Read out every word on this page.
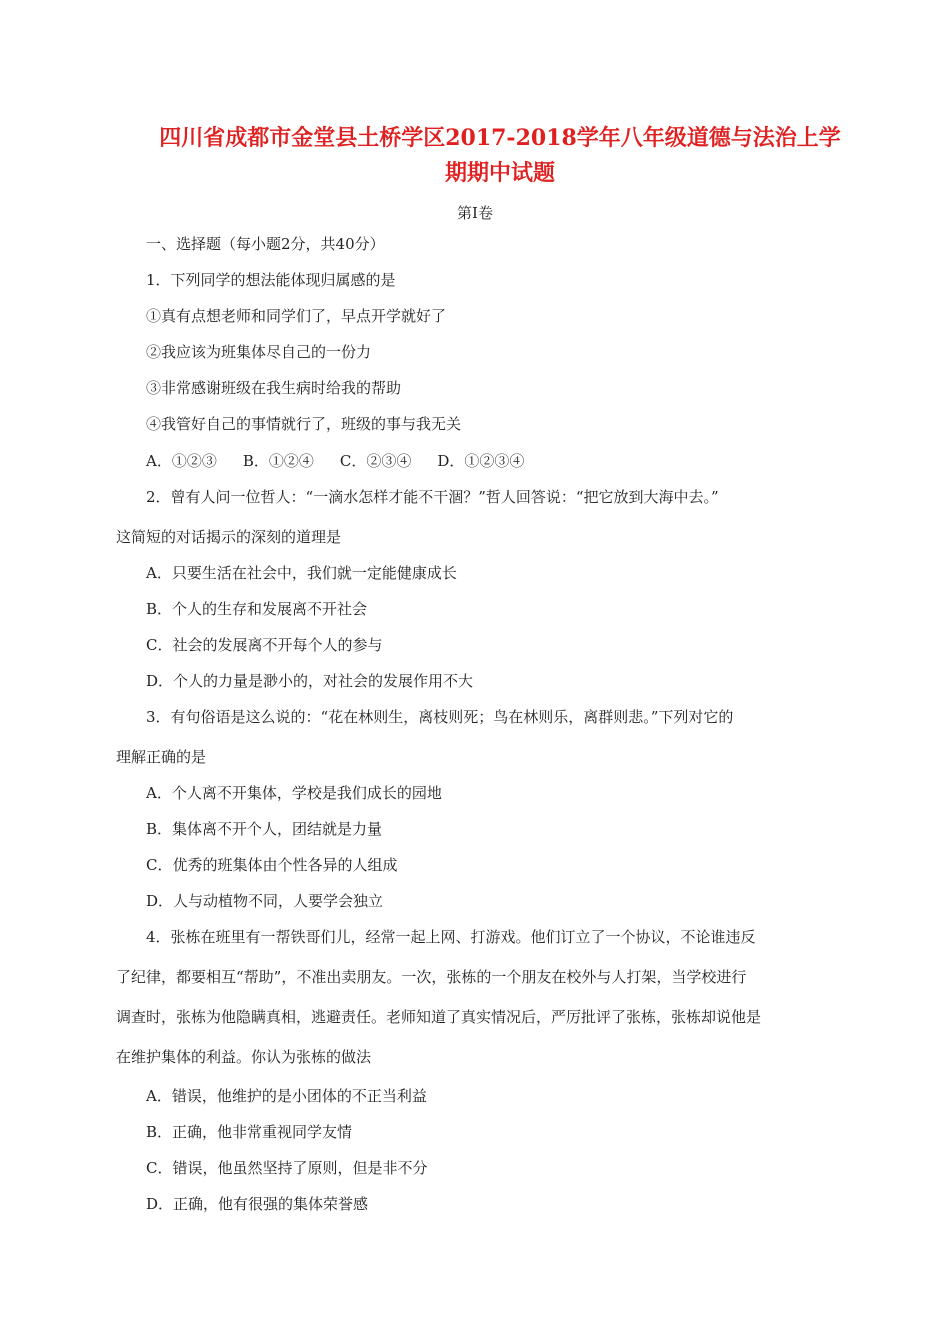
四川省成都市金堂县土桥学区2017-2018学年八年级道德与法治上学
期期中试题
第Ⅰ卷
一、选择题（每小题2分，共40分）
1．下列同学的想法能体现归属感的是
①真有点想老师和同学们了，早点开学就好了
②我应该为班集体尽自己的一份力
③非常感谢班级在我生病时给我的帮助
④我管好自己的事情就行了，班级的事与我无关
A．①②③ B．①②④ C．②③④ D．①②③④
2．曾有人问一位哲人：“一滴水怎样才能不干涸？”哲人回答说：“把它放到大海中去。”
这简短的对话揭示的深刻的道理是
A．只要生活在社会中，我们就一定能健康成长
B．个人的生存和发展离不开社会
C．社会的发展离不开每个人的参与
D．个人的力量是渺小的，对社会的发展作用不大
3．有句俗语是这么说的：“花在林则生，离枝则死；鸟在林则乐，离群则悲。”下列对它的
理解正确的是
A．个人离不开集体，学校是我们成长的园地
B．集体离不开个人，团结就是力量
C．优秀的班集体由个性各异的人组成
D．人与动植物不同，人要学会独立
4．张栋在班里有一帮铁哥们儿，经常一起上网、打游戏。他们订立了一个协议，不论谁违反
了纪律，都要相互“帮助”，不准出卖朋友。一次，张栋的一个朋友在校外与人打架，当学校进行
调查时，张栋为他隐瞒真相，逃避责任。老师知道了真实情况后，严厉批评了张栋，张栋却说他是
在维护集体的利益。你认为张栋的做法
A．错误，他维护的是小团体的不正当利益
B．正确，他非常重视同学友情
C．错误，他虽然坚持了原则，但是非不分
D．正确，他有很强的集体荣誉感
